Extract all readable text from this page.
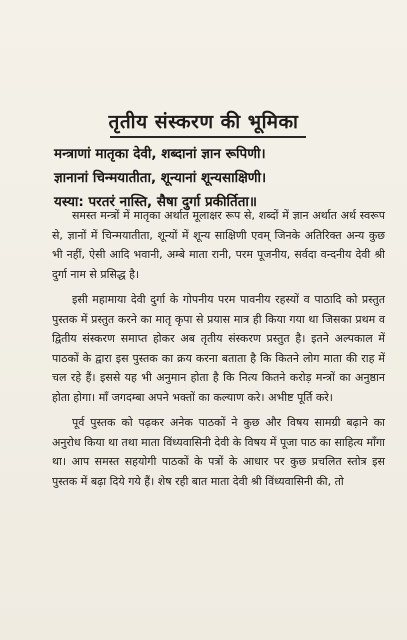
तृतीय संस्करण की भूमिका
मन्त्राणां मातृका देवी, शब्दानां ज्ञान रूपिणी।
ज्ञानानां चिन्मयातीता, शून्यानां शून्यसाक्षिणी।
यस्या: परतरं नास्ति, सैषा दुर्गा प्रकीर्तिता॥

समस्त मन्त्रों में मातृका अर्थात मूलाक्षर रूप से, शब्दों में ज्ञान अर्थात अर्थ स्वरूप से, ज्ञानों में चिन्मयातीता, शून्यों में शून्य साक्षिणी एवम् जिनके अतिरिक्त अन्य कुछ भी नहीं, ऐसी आदि भवानी, अम्बे माता रानी, परम पूजनीय, सर्वदा वन्दनीय देवी श्री दुर्गा नाम से प्रसिद्ध है।

इसी महामाया देवी दुर्गा के गोपनीय परम पावनीय रहस्यों व पाठादि को प्रस्तुत पुस्तक में प्रस्तुत करने का मातृ कृपा से प्रयास मात्र ही किया गया था जिसका प्रथम व द्वितीय संस्करण समाप्त होकर अब तृतीय संस्करण प्रस्तुत है। इतने अल्पकाल में पाठकों के द्वारा इस पुस्तक का क्रय करना बताता है कि कितने लोग माता की राह में चल रहे हैं। इससे यह भी अनुमान होता है कि नित्य कितने करोड़ मन्त्रों का अनुष्ठान होता होगा। माँ जगदम्बा अपने भक्तों का कल्याण करे। अभीष्ट पूर्ति करे।

पूर्व पुस्तक को पढ़कर अनेक पाठकों ने कुछ और विषय सामग्री बढ़ाने का अनुरोध किया था तथा माता विंध्यवासिनी देवी के विषय में पूजा पाठ का साहित्य माँगा था। आप समस्त सहयोगी पाठकों के पत्रों के आधार पर कुछ प्रचलित स्तोत्र इस पुस्तक में बढ़ा दिये गये हैं। शेष रही बात माता देवी श्री विंध्यवासिनी की, तो
